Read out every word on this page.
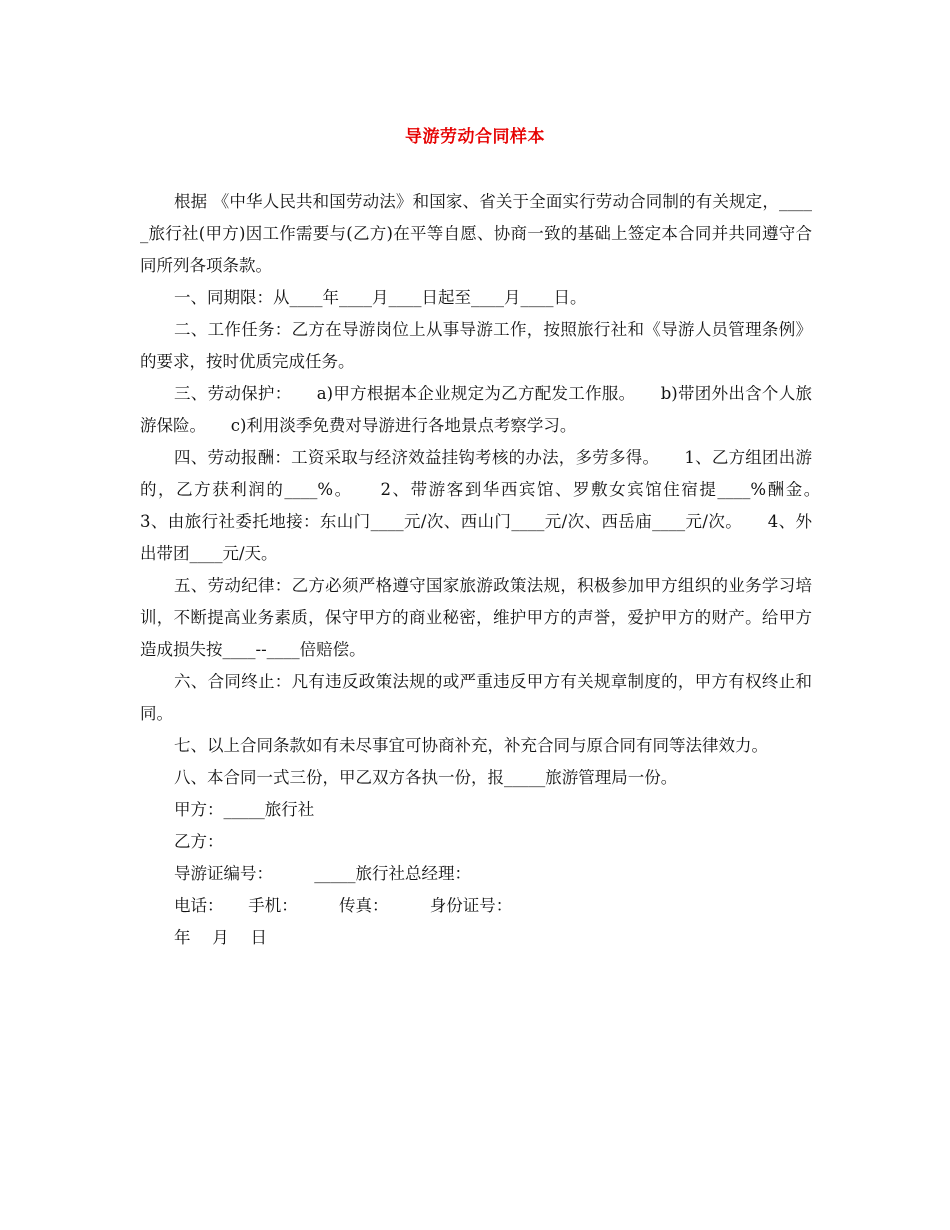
导游劳动合同样本

根据 《中华人民共和国劳动法》和国家、省关于全面实行劳动合同制的有关规定，_____旅行社(甲方)因工作需要与(乙方)在平等自愿、协商一致的基础上签定本合同并共同遵守合同所列各项条款。

一、同期限：从____年____月____日起至____月____日。

二、工作任务：乙方在导游岗位上从事导游工作，按照旅行社和《导游人员管理条例》的要求，按时优质完成任务。

三、劳动保护：　　a)甲方根据本企业规定为乙方配发工作服。　　b)带团外出含个人旅游保险。　　c)利用淡季免费对导游进行各地景点考察学习。

四、劳动报酬：工资采取与经济效益挂钩考核的办法，多劳多得。　　1、乙方组团出游的，乙方获利润的____%。　　2、带游客到华西宾馆、罗敷女宾馆住宿提____%酬金。　　3、由旅行社委托地接：东山门____元/次、西山门____元/次、西岳庙____元/次。　　4、外出带团____元/天。

五、劳动纪律：乙方必须严格遵守国家旅游政策法规，积极参加甲方组织的业务学习培训，不断提高业务素质，保守甲方的商业秘密，维护甲方的声誉，爱护甲方的财产。给甲方造成损失按____--____倍赔偿。

六、合同终止：凡有违反政策法规的或严重违反甲方有关规章制度的，甲方有权终止和同。

七、以上合同条款如有未尽事宜可协商补充，补充合同与原合同有同等法律效力。

八、本合同一式三份，甲乙双方各执一份，报_____旅游管理局一份。

甲方：_____旅行社

乙方：

导游证编号：　　　_____旅行社总经理：

电话：　　手机：　　　传真：　　　身份证号：

年　 月　 日
